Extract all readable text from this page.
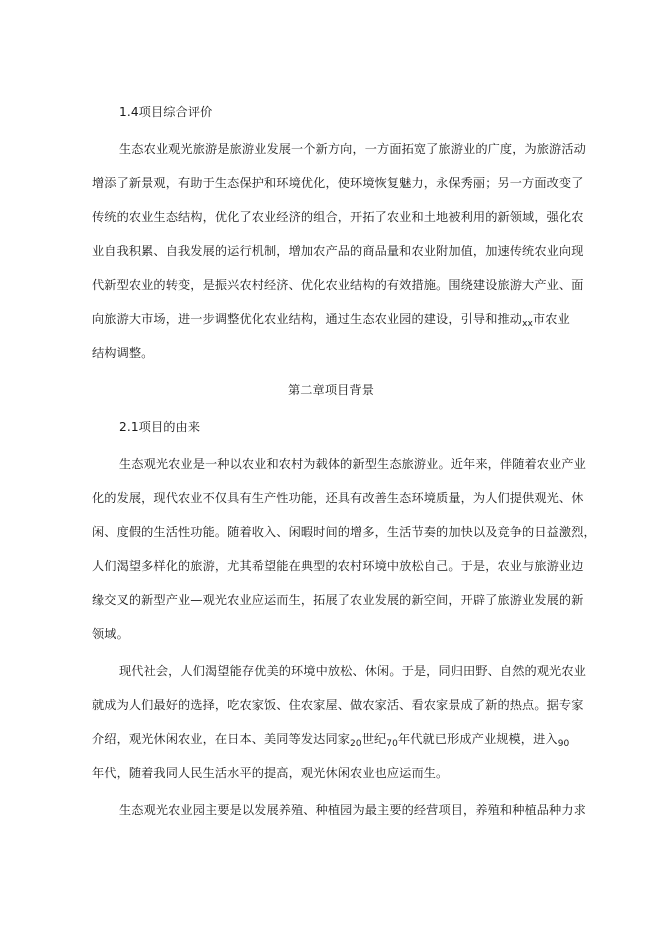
1.4项目综合评价
生态农业观光旅游是旅游业发展一个新方向，一方面拓宽了旅游业的广度，为旅游活动
增添了新景观，有助于生态保护和环境优化，使环境恢复魅力，永保秀丽；另一方面改变了
传统的农业生态结构，优化了农业经济的组合，开拓了农业和土地被利用的新领域，强化农
业自我积累、自我发展的运行机制，增加农产品的商品量和农业附加值，加速传统农业向现
代新型农业的转变，是振兴农村经济、优化农业结构的有效措施。围绕建设旅游大产业、面
向旅游大市场，进一步调整优化农业结构，通过生态农业园的建设，引导和推动$_{xx}$市农业
结构调整。
第二章项目背景
2.1项目的由来
生态观光农业是一种以农业和农村为载体的新型生态旅游业。近年来，伴随着农业产业
化的发展，现代农业不仅具有生产性功能，还具有改善生态环境质量，为人们提供观光、休
闲、度假的生活性功能。随着收入、闲暇时间的增多，生活节奏的加快以及竞争的日益激烈，
人们渴望多样化的旅游，尤其希望能在典型的农村环境中放松自己。于是，农业与旅游业边
缘交叉的新型产业—观光农业应运而生，拓展了农业发展的新空间，开辟了旅游业发展的新
领域。
现代社会，人们渴望能存优美的环境中放松、休闲。于是，同归田野、自然的观光农业
就成为人们最好的选择，吃农家饭、住农家屋、做农家活、看农家景成了新的热点。据专家
介绍，观光休闲农业，在日本、美同等发达同家$_{20}$世纪$_{70}$年代就已形成产业规模，进入$_{90}$
年代，随着我同人民生活水平的提高，观光休闲农业也应运而生。
生态观光农业园主要是以发展养殖、种植园为最主要的经营项目，养殖和种植品种力求
